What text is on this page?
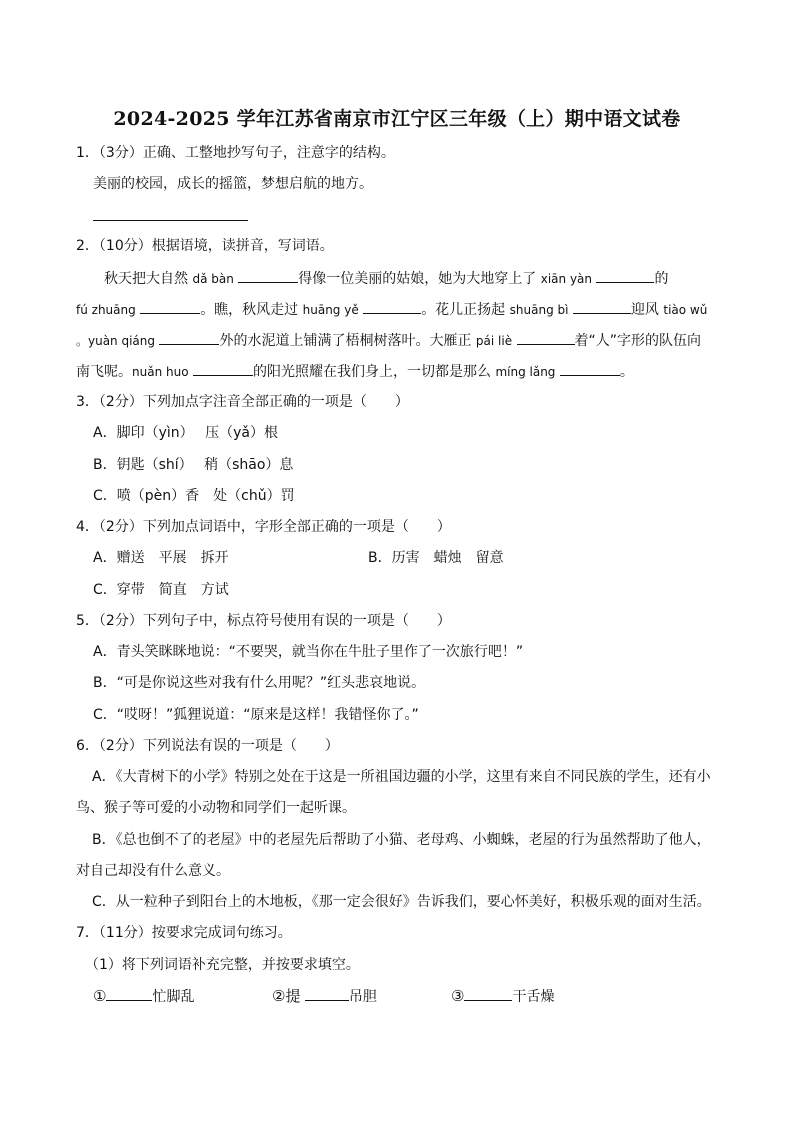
2024-2025 学年江苏省南京市江宁区三年级（上）期中语文试卷
1．（3分）正确、工整地抄写句子，注意字的结构。
美丽的校园，成长的摇篮，梦想启航的地方。
2．（10分）根据语境，读拼音，写词语。
秋天把大自然 dǎ bàn	得像一位美丽的姑娘，她为大地穿上了 xiān yàn	的
fú zhuāng	。瞧，秋风走过 huāng yě	。花儿正扬起 shuāng bì	迎风 tiào wǔ
。yuàn qiáng	外的水泥道上铺满了梧桐树落叶。大雁正 pái liè	着“人”字形的队伍向
南飞呢。nuǎn huo	的阳光照耀在我们身上，一切都是那么 míng lǎng	。
3．（2分）下列加点字注音全部正确的一项是（　　）
A．脚印（yìn）　 压（yǎ）根
B．钥匙（shí）　 稍（shāo）息
C．喷（pèn）香　处（chǔ）罚
4．（2分）下列加点词语中，字形全部正确的一项是（　　）
A．赠送　平展　拆开	B．历害　蜡烛　留意
C．穿带　简直　方试
5．（2分）下列句子中，标点符号使用有误的一项是（　　）
A．青头笑眯眯地说：“不要哭，就当你在牛肚子里作了一次旅行吧！”
B．“可是你说这些对我有什么用呢？”红头悲哀地说。
C．“哎呀！”狐狸说道：“原来是这样！我错怪你了。”
6．（2分）下列说法有误的一项是（　　）
A．《大青树下的小学》特别之处在于这是一所祖国边疆的小学，这里有来自不同民族的学生，还有小
鸟、猴子等可爱的小动物和同学们一起听课。
B．《总也倒不了的老屋》中的老屋先后帮助了小猫、老母鸡、小蜘蛛，老屋的行为虽然帮助了他人，
对自己却没有什么意义。
C．从一粒种子到阳台上的木地板，《那一定会很好》告诉我们，要心怀美好，积极乐观的面对生活。
7．（11分）按要求完成词句练习。
（1）将下列词语补充完整，并按要求填空。
①	忙脚乱	②提	吊胆	③	干舌燥
